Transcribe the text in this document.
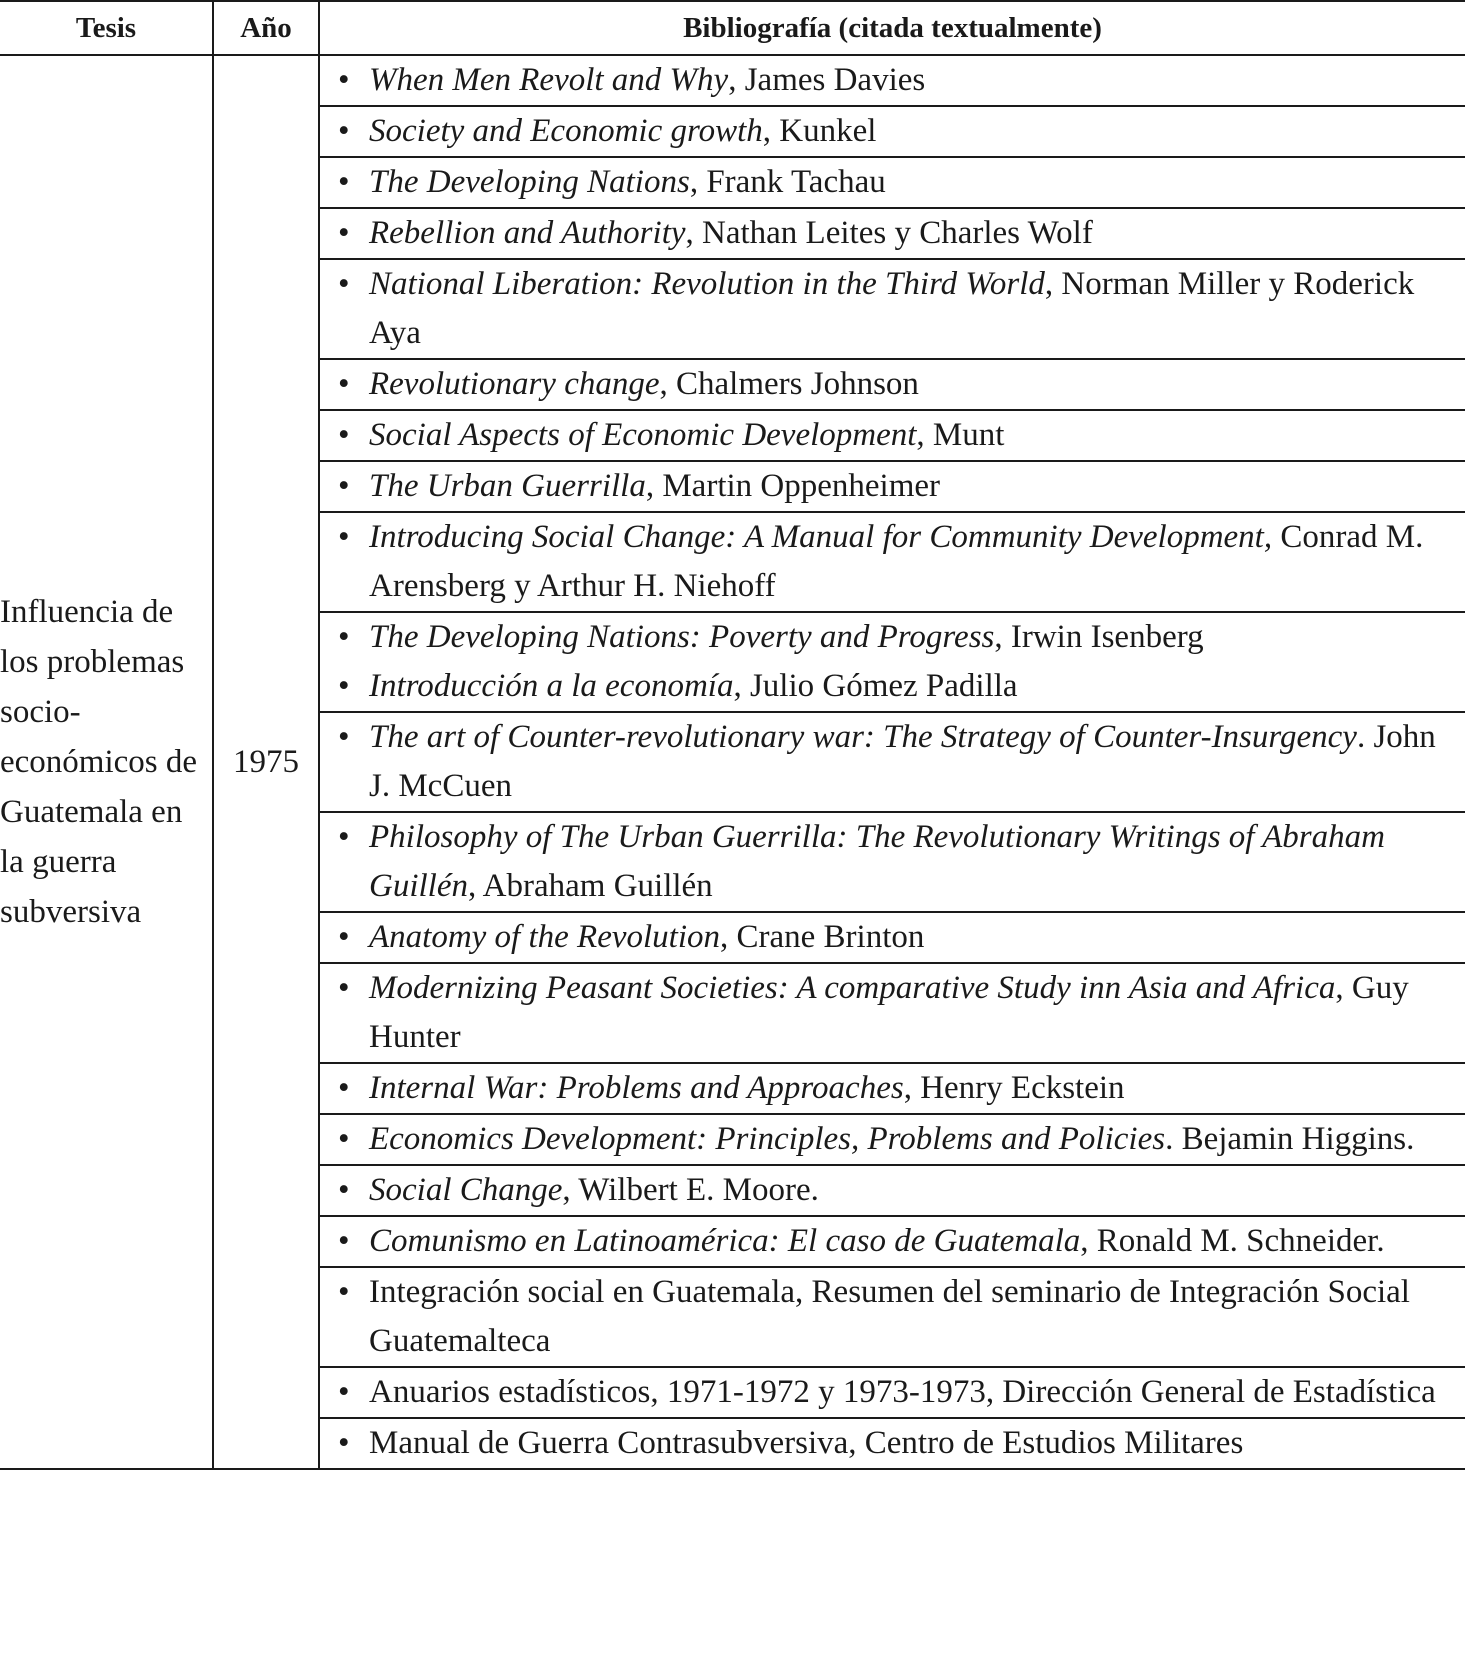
Tesis	Año	Bibliografía (citada textualmente)
Influencia de los problemas socio-económicos de Guatemala en la guerra subversiva	1975	• When Men Revolt and Why, James Davies

		• Society and Economic growth, Kunkel

		• The Developing Nations, Frank Tachau

		• Rebellion and Authority, Nathan Leites y Charles Wolf

		• National Liberation: Revolution in the Third World, Norman Miller y Roderick Aya

		• Revolutionary change, Chalmers Johnson

		• Social Aspects of Economic Development, Munt

		• The Urban Guerrilla, Martin Oppenheimer

		• Introducing Social Change: A Manual for Community Development, Conrad M. Arensberg y Arthur H. Niehoff

		• The Developing Nations: Poverty and Progress, Irwin Isenberg
• Introducción a la economía, Julio Gómez Padilla

		• The art of Counter-revolutionary war: The Strategy of Counter-Insurgency. John J. McCuen

		• Philosophy of The Urban Guerrilla: The Revolutionary Writings of Abraham Guillén, Abraham Guillén

		• Anatomy of the Revolution, Crane Brinton

		• Modernizing Peasant Societies: A comparative Study inn Asia and Africa, Guy Hunter

		• Internal War: Problems and Approaches, Henry Eckstein

		• Economics Development: Principles, Problems and Policies. Bejamin Higgins.

		• Social Change, Wilbert E. Moore.

		• Comunismo en Latinoamérica: El caso de Guatemala, Ronald M. Schneider.

		• Integración social en Guatemala, Resumen del seminario de Integración Social Guatemalteca

		• Anuarios estadísticos, 1971-1972 y 1973-1973, Dirección General de Estadística

		• Manual de Guerra Contrasubversiva, Centro de Estudios Militares
